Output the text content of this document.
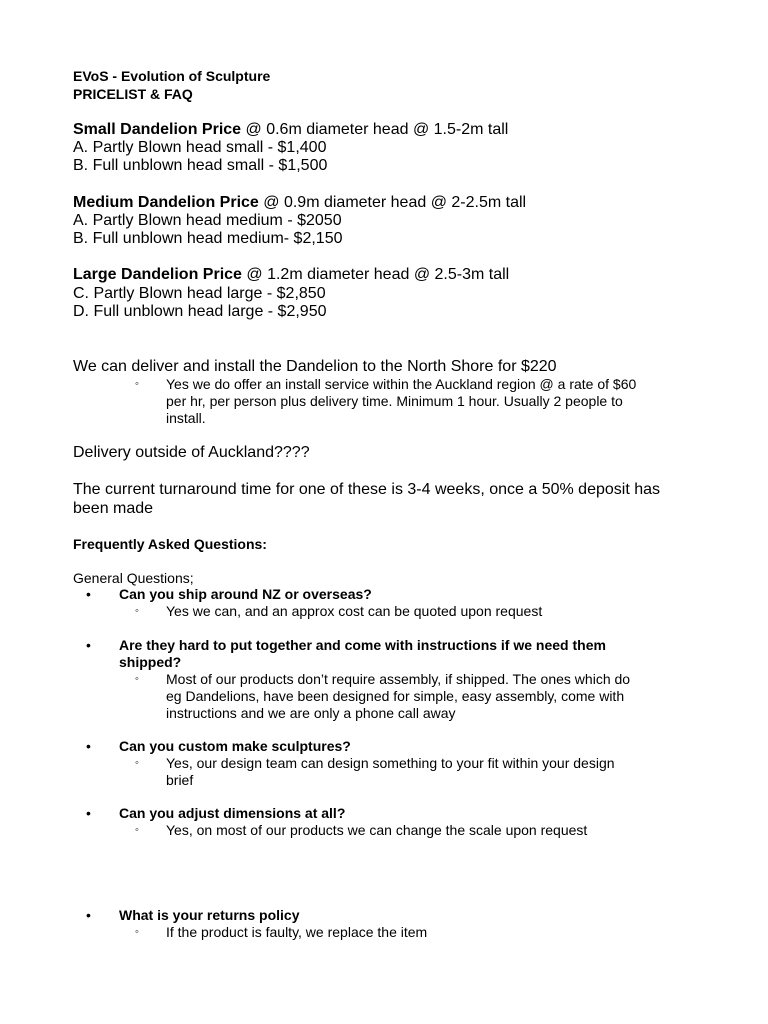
EVoS - Evolution of Sculpture
PRICELIST & FAQ
Small Dandelion Price @ 0.6m diameter head @ 1.5-2m tall
A. Partly Blown head small - $1,400
B. Full unblown head small - $1,500
Medium Dandelion Price @ 0.9m diameter head @ 2-2.5m tall
A. Partly Blown head medium - $2050
B. Full unblown head medium- $2,150
Large Dandelion Price @ 1.2m diameter head @ 2.5-3m tall
C. Partly Blown head large - $2,850
D. Full unblown head large - $2,950
We can deliver and install the Dandelion to the North Shore for $220
◦ Yes we do offer an install service within the Auckland region @ a rate of $60
per hr, per person plus delivery time. Minimum 1 hour. Usually 2 people to
install.
Delivery outside of Auckland????
The current turnaround time for one of these is 3-4 weeks, once a 50% deposit has
been made
Frequently Asked Questions:
General Questions;
• Can you ship around NZ or overseas?
◦ Yes we can, and an approx cost can be quoted upon request
• Are they hard to put together and come with instructions if we need them
shipped?
◦ Most of our products don’t require assembly, if shipped. The ones which do
eg Dandelions, have been designed for simple, easy assembly, come with
instructions and we are only a phone call away
• Can you custom make sculptures?
◦ Yes, our design team can design something to your fit within your design
brief
• Can you adjust dimensions at all?
◦ Yes, on most of our products we can change the scale upon request
• What is your returns policy
◦ If the product is faulty, we replace the item
